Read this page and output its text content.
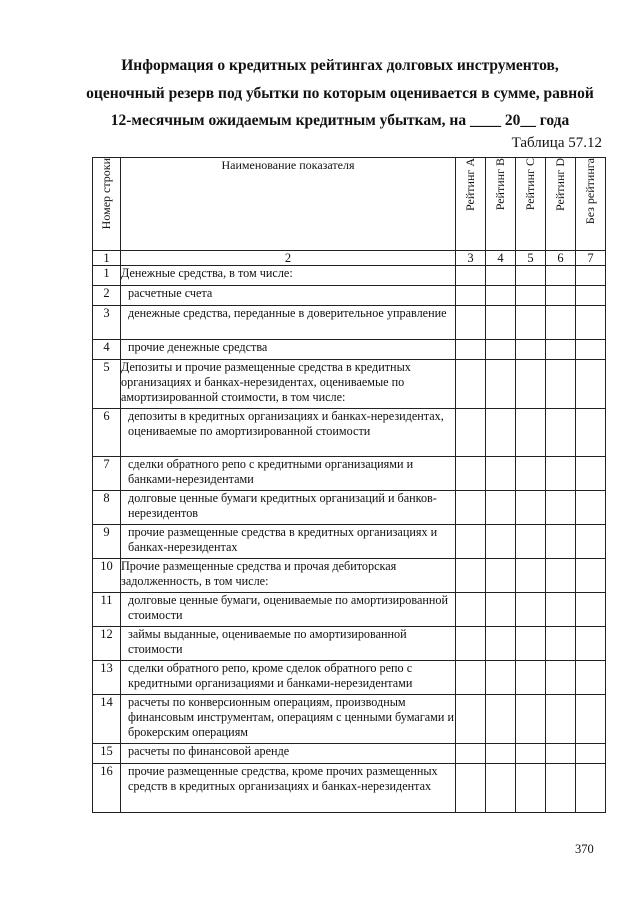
Информация о кредитных рейтингах долговых инструментов,
оценочный резерв под убытки по которым оценивается в сумме, равной
12-месячным ожидаемым кредитным убыткам, на ____ 20__ года
Таблица 57.12
Номер строки	Наименование показателя	Рейтинг A	Рейтинг B	Рейтинг C	Рейтинг D	Без рейтинга

1	2	3	4	5	6	7
1	Денежные средства, в том числе:					
2	расчетные счета					
3	денежные средства, переданные в доверительное управление					
4	прочие денежные средства					
5	Депозиты и прочие размещенные средства в кредитных организациях и банках-нерезидентах, оцениваемые по амортизированной стоимости, в том числе:					
6	депозиты в кредитных организациях и банках-нерезидентах, оцениваемые по амортизированной стоимости					
7	сделки обратного репо с кредитными организациями и банками-нерезидентами					
8	долговые ценные бумаги кредитных организаций и банков-нерезидентов					
9	прочие размещенные средства в кредитных организациях и банках-нерезидентах					
10	Прочие размещенные средства и прочая дебиторская задолженность, в том числе:					
11	долговые ценные бумаги, оцениваемые по амортизированной стоимости					
12	займы выданные, оцениваемые по амортизированной стоимости					
13	сделки обратного репо, кроме сделок обратного репо с кредитными организациями и банками-нерезидентами					
14	расчеты по конверсионным операциям, производным финансовым инструментам, операциям с ценными бумагами и брокерским операциям					
15	расчеты по финансовой аренде					
16	прочие размещенные средства, кроме прочих размещенных средств в кредитных организациях и банках-нерезидентах					
370
